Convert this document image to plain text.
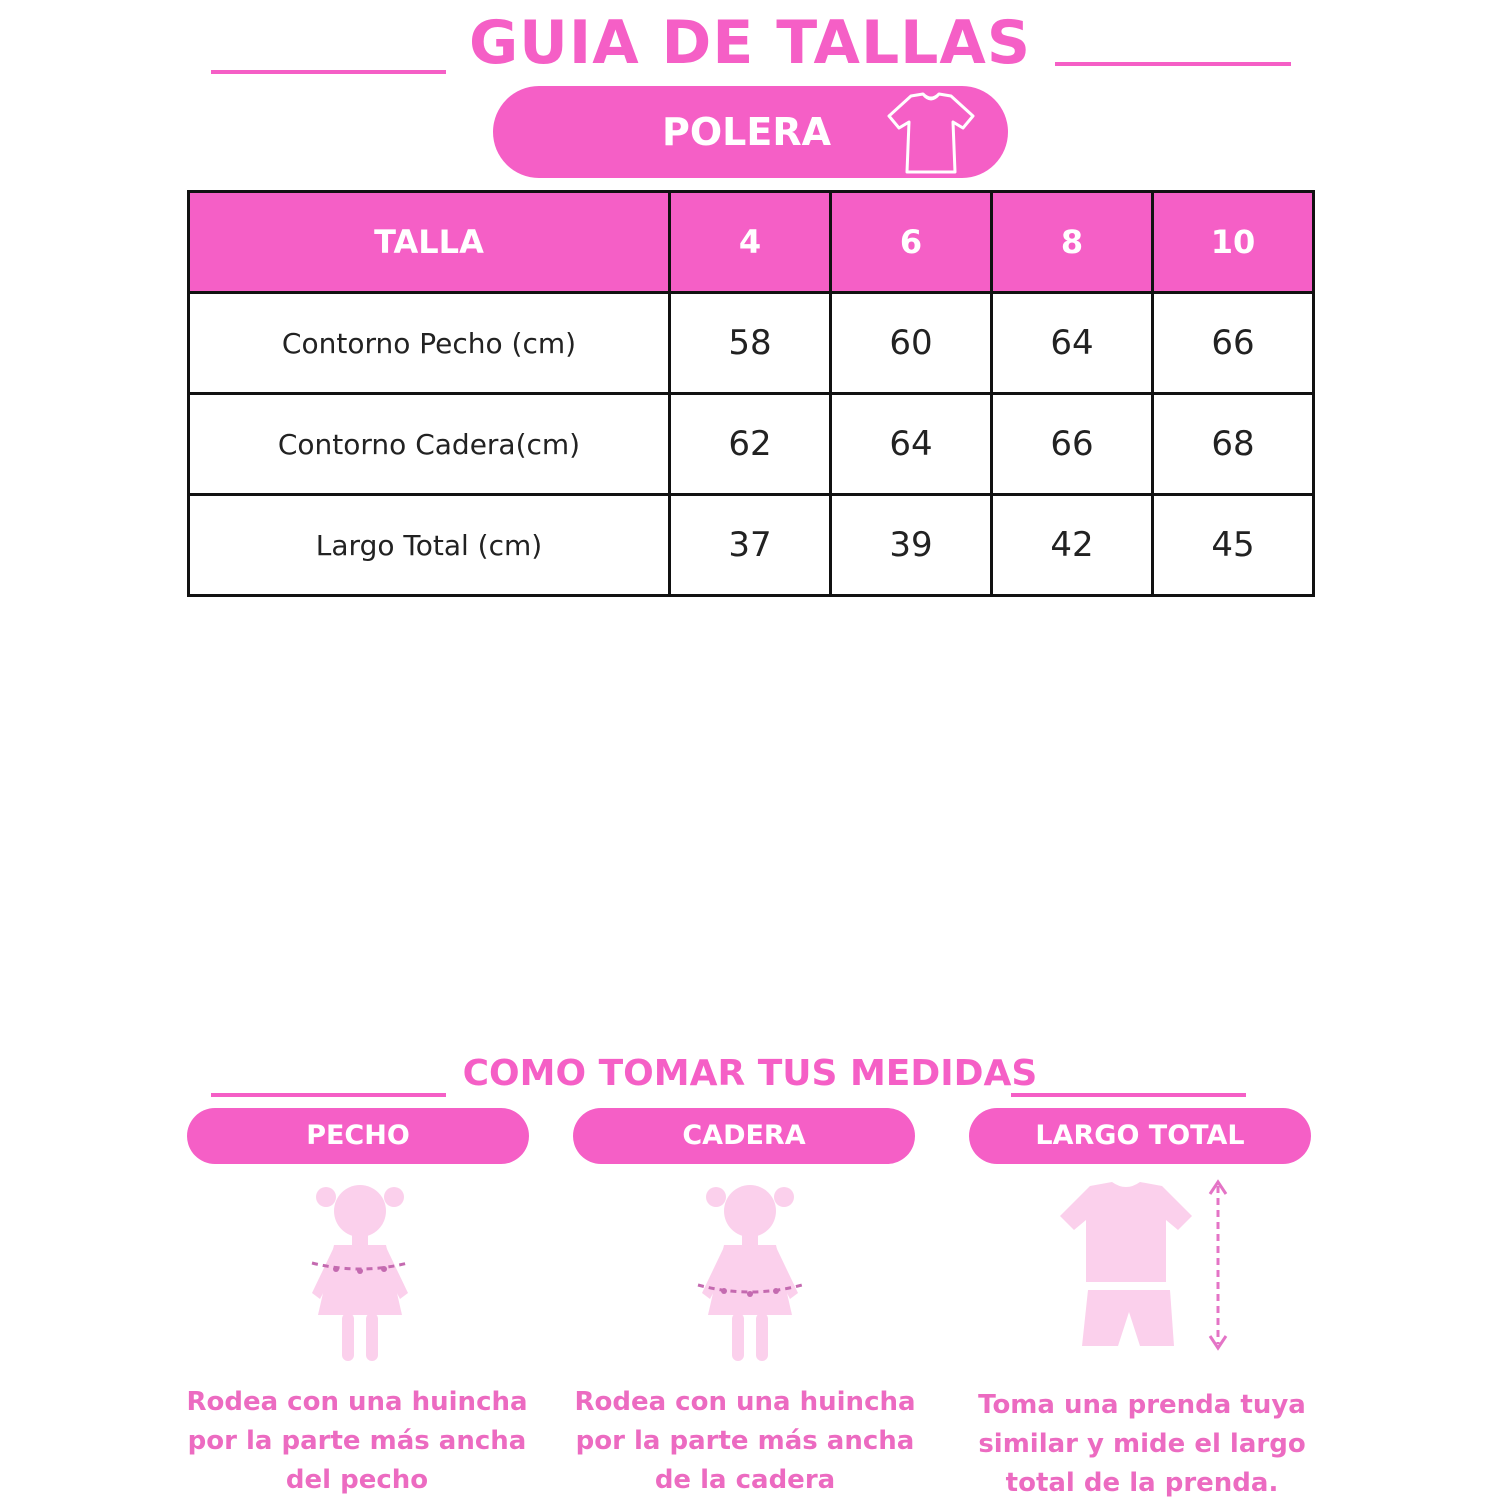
GUIA DE TALLAS
POLERA
TALLA	4	6	8	10
Contorno Pecho (cm)	58	60	64	66
Contorno Cadera(cm)	62	64	66	68
Largo Total (cm)	37	39	42	45
COMO TOMAR TUS MEDIDAS
PECHO	CADERA	LARGO TOTAL
Rodea con una huincha
por la parte más ancha
del pecho
Rodea con una huincha
por la parte más ancha
de la cadera
Toma una prenda tuya
similar y mide el largo
total de la prenda.
